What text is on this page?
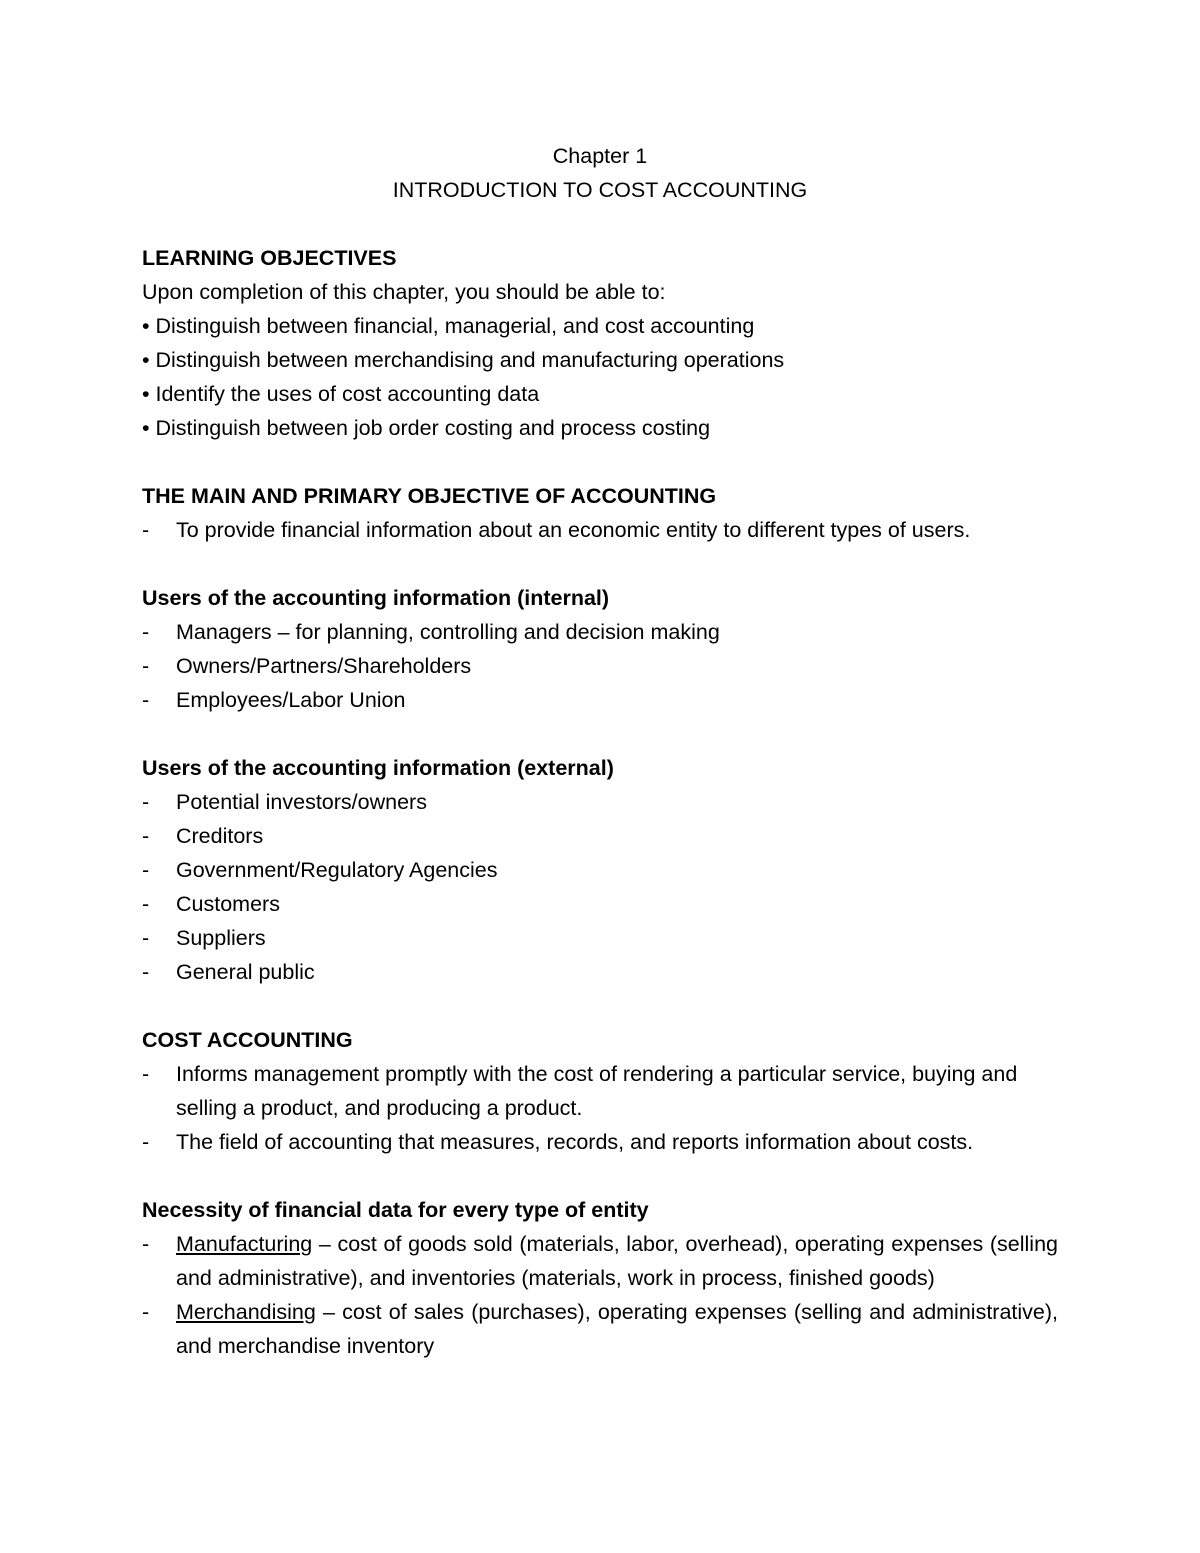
Chapter 1
INTRODUCTION TO COST ACCOUNTING
LEARNING OBJECTIVES
Upon completion of this chapter, you should be able to:
• Distinguish between financial, managerial, and cost accounting
• Distinguish between merchandising and manufacturing operations
• Identify the uses of cost accounting data
• Distinguish between job order costing and process costing
THE MAIN AND PRIMARY OBJECTIVE OF ACCOUNTING
- To provide financial information about an economic entity to different types of users.
Users of the accounting information (internal)
- Managers – for planning, controlling and decision making
- Owners/Partners/Shareholders
- Employees/Labor Union
Users of the accounting information (external)
- Potential investors/owners
- Creditors
- Government/Regulatory Agencies
- Customers
- Suppliers
- General public
COST ACCOUNTING
- Informs management promptly with the cost of rendering a particular service, buying and selling a product, and producing a product.
- The field of accounting that measures, records, and reports information about costs.
Necessity of financial data for every type of entity
- Manufacturing – cost of goods sold (materials, labor, overhead), operating expenses (selling and administrative), and inventories (materials, work in process, finished goods)
- Merchandising – cost of sales (purchases), operating expenses (selling and administrative), and merchandise inventory
